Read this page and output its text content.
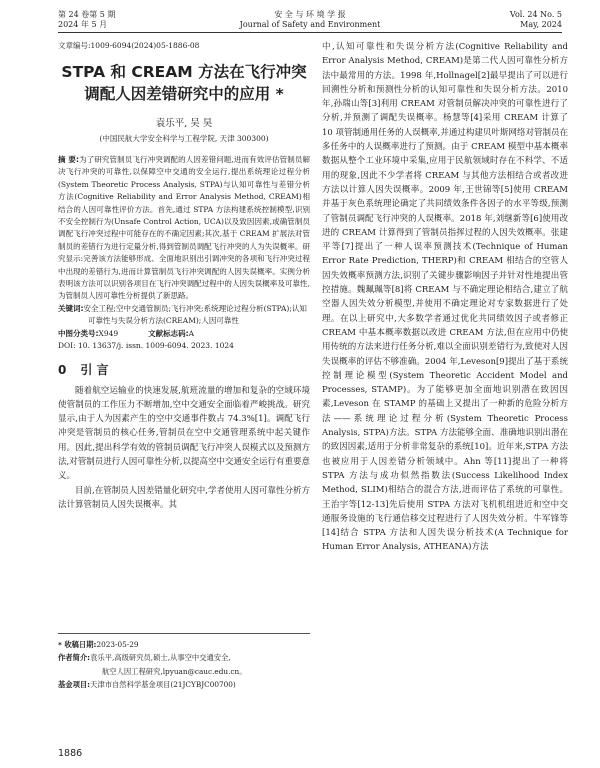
第 24 卷第 5 期
2024 年 5 月
安 全 与 环 境 学 报
Journal of Safety and Environment
Vol. 24 No. 5
May, 2024

文章编号:1009-6094(2024)05-1886-08

STPA 和 CREAM 方法在飞行冲突

调配人因差错研究中的应用 *

袁乐平, 吴 昊

(中国民航大学安全科学与工程学院, 天津 300300)

摘 要:为了研究管制员飞行冲突调配的人因差错问题,进而有效评估管制员解决飞行冲突的可靠性,以保障空中交通的安全运行,提出系统理论过程分析(System Theoretic Process Analysis, STPA)与认知可靠性与差错分析方法(Cognitive Reliability and Error Analysis Method, CREAM)相结合的人因可靠性评价方法。首先,通过 STPA 方法构建系统控制模型,识别不安全控制行为(Unsafe Control Action, UCA)以及致因因素,或确管制员调配飞行冲突过程中可能存在的不确定因素;其次,基于 CREAM 扩展法对管制员的差错行为进行定量分析,得到管制员调配飞行冲突的人为失误概率。研究显示:完善该方法能够形成、全面地识别出引调冲突的各项和飞行冲突过程中出现的差错行为,进而计算管制员飞行冲突调配的人因失误概率。实例分析表明该方法可以识别各项目在飞行冲突调配过程中的人因失误概率及可靠性,为管制员人因可靠性分析提供了新思路。

关键词:安全工程;空中交通管制员;飞行冲突;系统理论过程分析(STPA);认知可靠性与失误分析方法(CREAM);人因可靠性

中图分类号:X949	文献标志码:A

DOI: 10. 13637/j. issn. 1009-6094. 2023. 1024

0 引 言

随着航空运输业的快速发展,航班流量的增加和复杂的空域环境使管制员的工作压力不断增加,空中交通安全面临着严峻挑战。研究显示,由于人为因素产生的空中交通事件数占 74.3%[1]。调配飞行冲突是管制员的核心任务,管制员在空中交通管理系统中起关键作用。因此,提出科学有效的管制员调配飞行冲突人误模式以及预测方法,对管制员进行人因可靠性分析,以提高空中交通安全运行有重要意义。

目前,在管制员人因差错量化研究中,学者使用人因可靠性分析方法计算管制员人因失误概率。其

* 收稿日期:2023-05-29

作者简介:袁乐平,高级研究员,硕士,从事空中交通安全,

航空人因工程研究,lpyuan@cauc.edu.cn。

基金项目:天津市自然科学基金项目(21JCYBJC00700)

中,认知可靠性和失误分析方法(Cognitive Reliability and Error Analysis Method, CREAM)是第二代人因可靠性分析方法中最常用的方法。1998 年,Hollnagel[2]最早提出了可以进行回溯性分析和预测性分析的认知可靠性和失误分析方法。2010 年,孙瑞山等[3]利用 CREAM 对管制员解决冲突的可靠性进行了分析,并预测了调配失误概率。杨慧等[4]采用 CREAM 计算了 10 项管制通用任务的人误概率,并通过构建贝叶斯网络对管制员在多任务中的人误概率进行了预测。由于 CREAM 模型中基本概率数据从整个工业环境中采集,应用于民航领域时存在不科学、不适用的现象,因此不少学者将 CREAM 与其他方法相结合或者改进方法以计算人因失误概率。2009 年,王世锦等[5]使用 CREAM 并基于灰色系统理论确定了共同绩效条件各因子的水平等级,预测了管制员调配飞行冲突的人误概率。2018 年,刘继新等[6]使用改进的 CREAM 计算得到了管制员指挥过程的人因失效概率。张建平等[7]提出了一种人误率预测技术(Technique of Human Error Rate Prediction, THERP)和 CREAM 相结合的空管人因失效概率预测方法,识别了关键步骤影响因子并针对性地提出管控措施。魏珮珮等[8]将 CREAM 与不确定理论相结合,建立了航空器人因失效分析模型,并使用不确定理论对专家数据进行了处理。在以上研究中,大多数学者通过优化共同绩效因子或者修正 CREAM 中基本概率数据以改进 CREAM 方法,但在应用中仍使用传统的方法来进行任务分析,难以全面识别差错行为,致使对人因失误概率的评估不够准确。2004 年,Leveson[9]提出了基于系统控制理论模型(System Theoretic Accident Model and Processes, STAMP)。为了能够更加全面地识别潜在致因因素,Leveson 在 STAMP 的基础上又提出了一种新的危险分析方法——系统理论过程分析(System Theoretic Process Analysis, STPA)方法。STPA 方法能够全面、准确地识别出潜在的致因因素,适用于分析非常复杂的系统[10]。近年来,STPA 方法也被应用于人因差错分析领域中。Ahn 等[11]提出了一种将 STPA 方法与成功似然指数法(Success Likelihood Index Method, SLIM)相结合的混合方法,进而评估了系统的可靠性。王治宇等[12-13]先后使用 STPA 方法对飞机机组进近和空中交通服务设施的飞行通信移交过程进行了人因失效分析。牛军锋等[14]结合 STPA 方法和人因失误分析技术(A Technique for Human Error Analysis, ATHEANA)方法

1886
